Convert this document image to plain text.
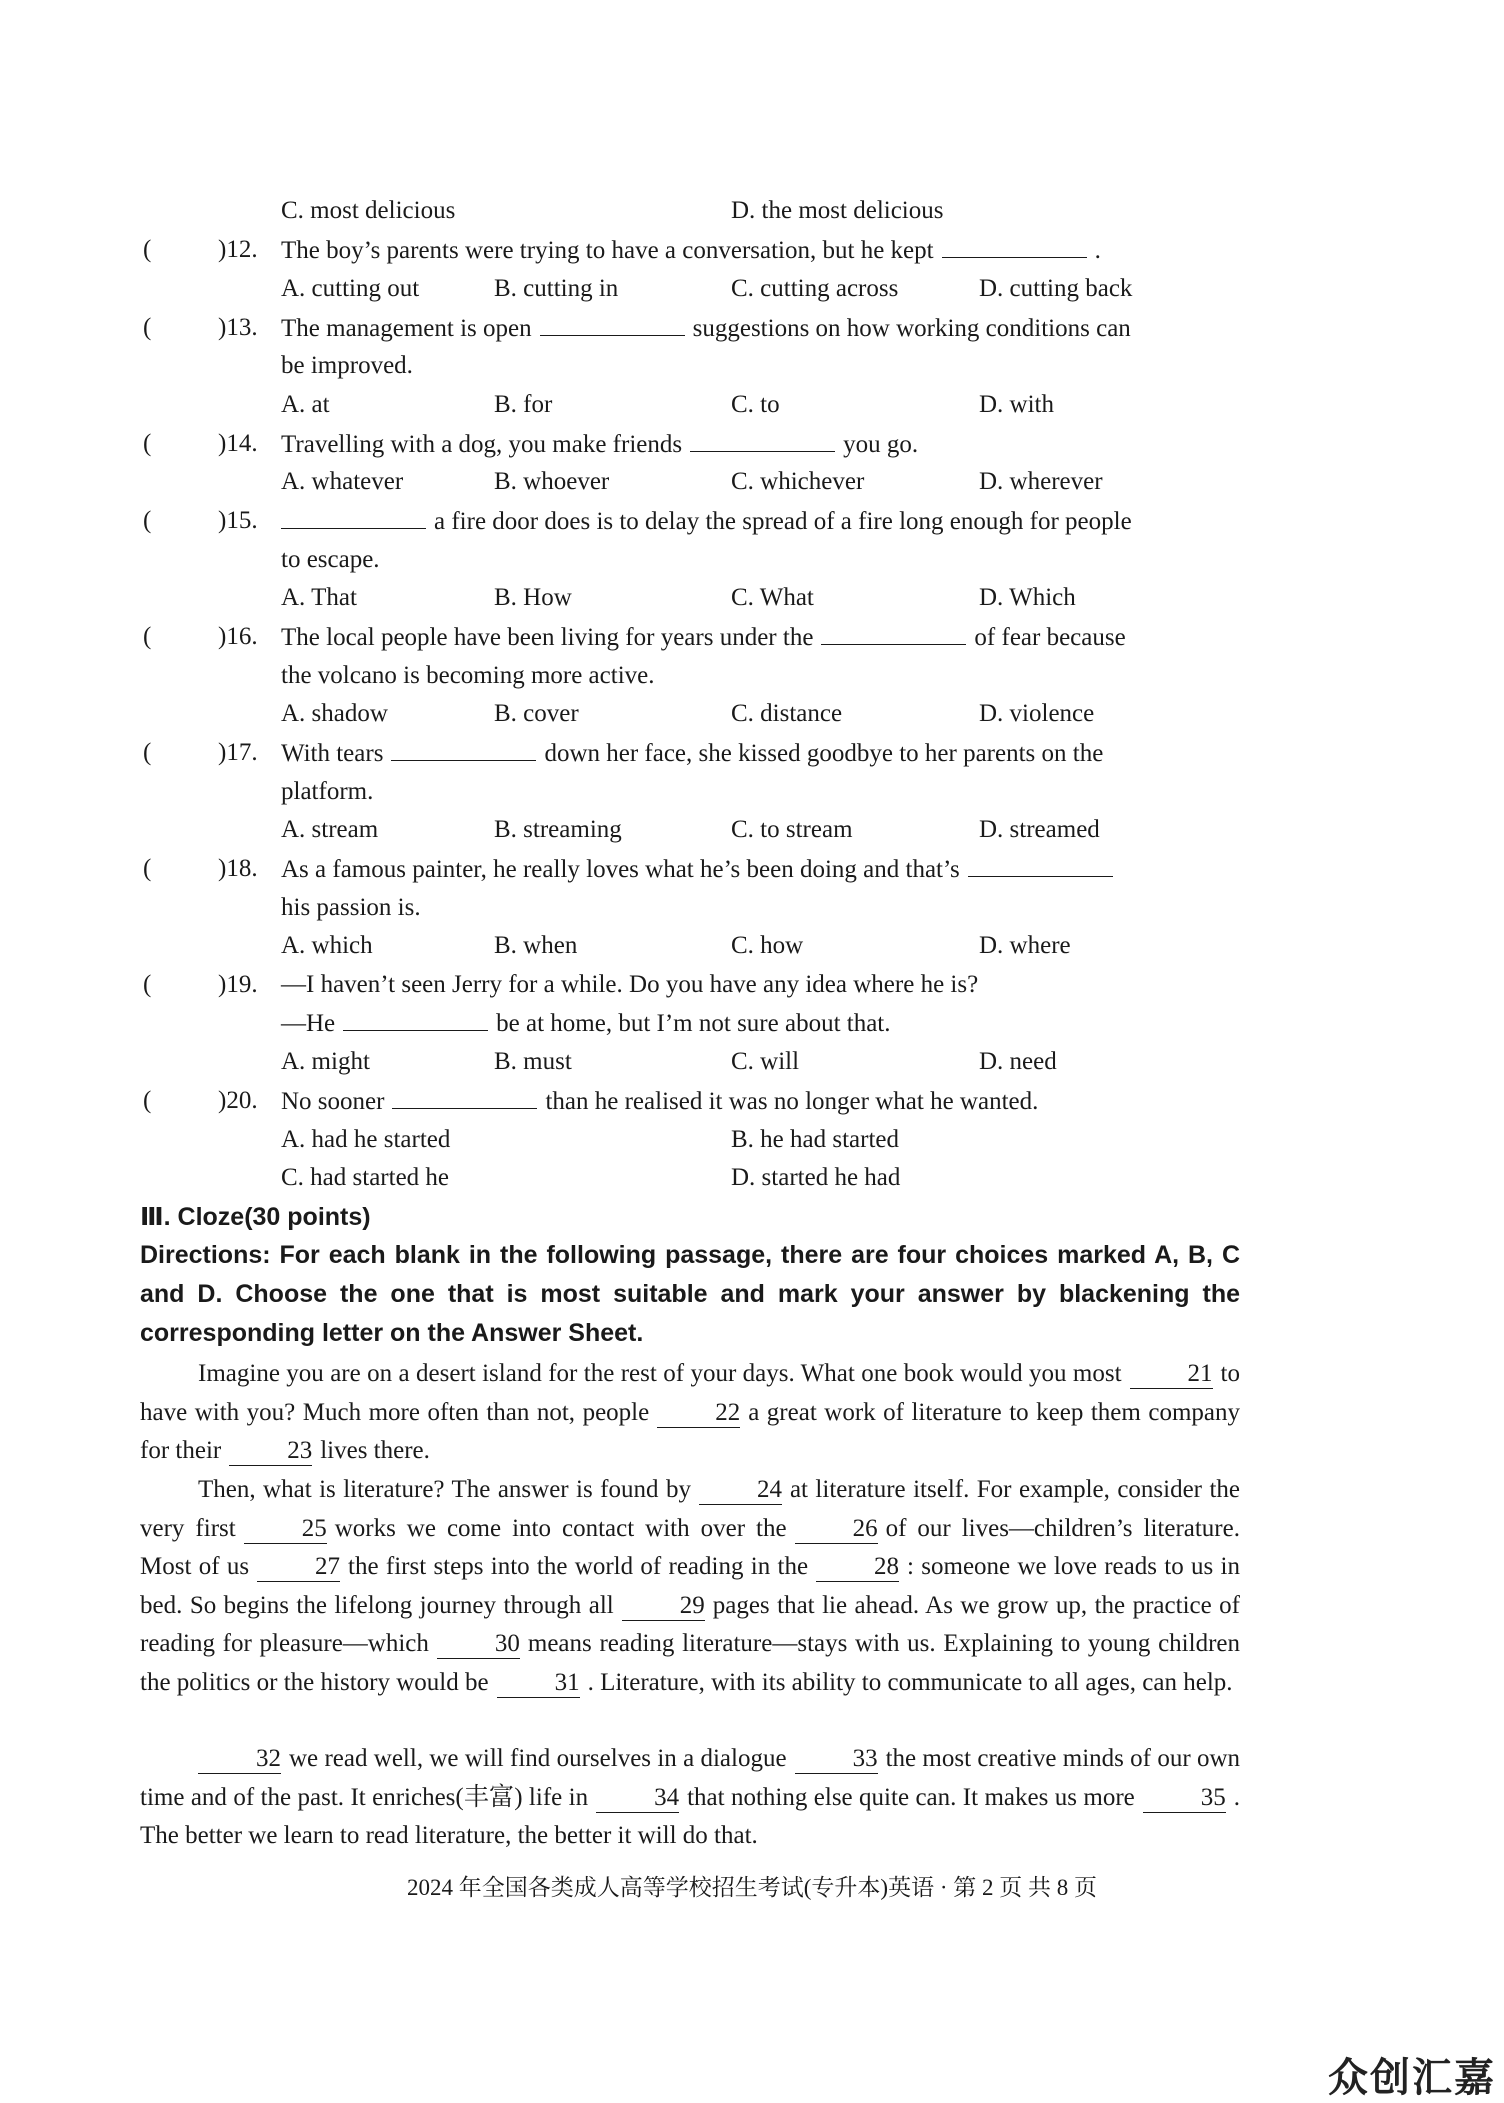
C. most delicious	D. the most delicious
(	)12. The boy’s parents were trying to have a conversation, but he kept	.
A. cutting out	B. cutting in	C. cutting across	D. cutting back
(	)13. The management is open	suggestions on how working conditions can
be improved.
A. at	B. for	C. to	D. with
(	)14. Travelling with a dog, you make friends	you go.
A. whatever	B. whoever	C. whichever	D. wherever
(	)15.	a fire door does is to delay the spread of a fire long enough for people
to escape.
A. That	B. How	C. What	D. Which
(	)16. The local people have been living for years under the	of fear because
the volcano is becoming more active.
A. shadow	B. cover	C. distance	D. violence
(	)17. With tears	down her face, she kissed goodbye to her parents on the
platform.
A. stream	B. streaming	C. to stream	D. streamed
(	)18. As a famous painter, he really loves what he’s been doing and that’s
his passion is.
A. which	B. when	C. how	D. where
(	)19. —I haven’t seen Jerry for a while. Do you have any idea where he is?
—He	be at home, but I’m not sure about that.
A. might	B. must	C. will	D. need
(	)20. No sooner	than he realised it was no longer what he wanted.
A. had he started	B. he had started
C. had started he	D. started he had
Ⅲ. Cloze(30 points)
Directions: For each blank in the following passage, there are four choices marked A, B, C and D. Choose the one that is most suitable and mark your answer by blackening the corresponding letter on the Answer Sheet.
Imagine you are on a desert island for the rest of your days. What one book would you most	21 to have with you? Much more often than not, people	22 a great work of literature to keep them company for their	23 lives there.
Then, what is literature? The answer is found by	24 at literature itself. For example, consider the very first	25 works we come into contact with over the	26 of our lives—children’s literature. Most of us	27 the first steps into the world of reading in the	28 : someone we love reads to us in bed. So begins the lifelong journey through all	29 pages that lie ahead. As we grow up, the practice of reading for pleasure—which	30 means reading literature—stays with us. Explaining to young children the politics or the history would be	31 . Literature, with its ability to communicate to all ages, can help.
32 we read well, we will find ourselves in a dialogue	33 the most creative minds of our own time and of the past. It enriches(丰富) life in	34 that nothing else quite can. It makes us more	35 . The better we learn to read literature, the better it will do that.
2024 年全国各类成人高等学校招生考试(专升本)英语 · 第 2 页 共 8 页
众创汇嘉
